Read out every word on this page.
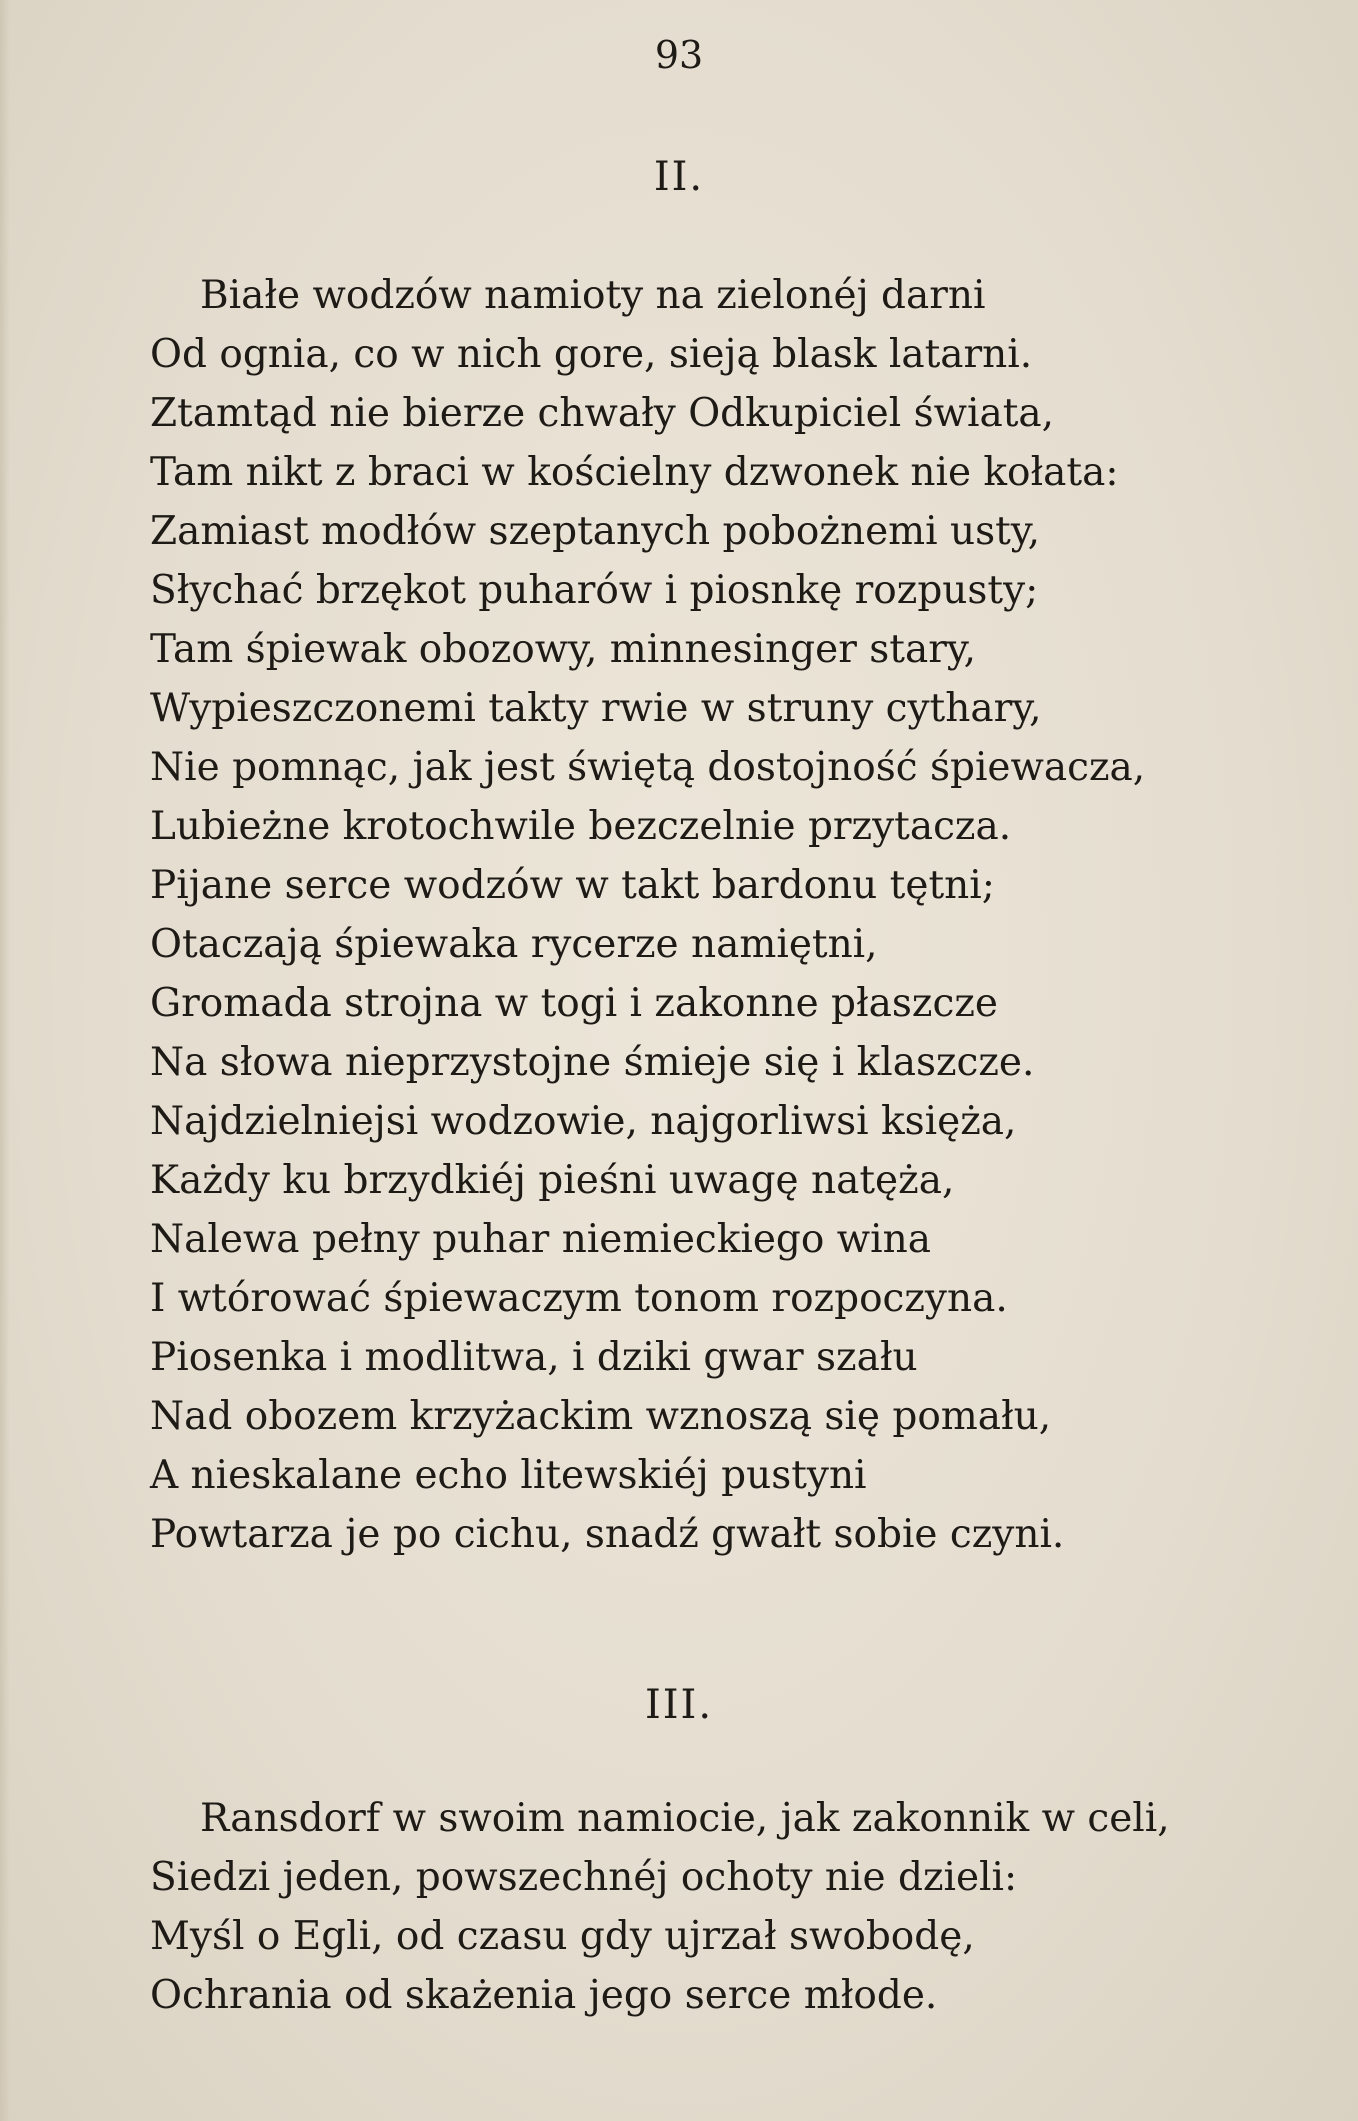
93
II.
Białe wodzów namioty na zielonéj darni
Od ognia, co w nich gore, sieją blask latarni.
Ztamtąd nie bierze chwały Odkupiciel świata,
Tam nikt z braci w kościelny dzwonek nie kołata:
Zamiast modłów szeptanych pobożnemi usty,
Słychać brzękot puharów i piosnkę rozpusty;
Tam śpiewak obozowy, minnesinger stary,
Wypieszczonemi takty rwie w struny cythary,
Nie pomnąc, jak jest świętą dostojność śpiewacza,
Lubieżne krotochwile bezczelnie przytacza.
Pijane serce wodzów w takt bardonu tętni;
Otaczają śpiewaka rycerze namiętni,
Gromada strojna w togi i zakonne płaszcze
Na słowa nieprzystojne śmieje się i klaszcze.
Najdzielniejsi wodzowie, najgorliwsi księża,
Każdy ku brzydkiéj pieśni uwagę natęża,
Nalewa pełny puhar niemieckiego wina
I wtórować śpiewaczym tonom rozpoczyna.
Piosenka i modlitwa, i dziki gwar szału
Nad obozem krzyżackim wznoszą się pomału,
A nieskalane echo litewskiéj pustyni
Powtarza je po cichu, snadź gwałt sobie czyni.
III.
Ransdorf w swoim namiocie, jak zakonnik w celi,
Siedzi jeden, powszechnéj ochoty nie dzieli:
Myśl o Egli, od czasu gdy ujrzał swobodę,
Ochrania od skażenia jego serce młode.
